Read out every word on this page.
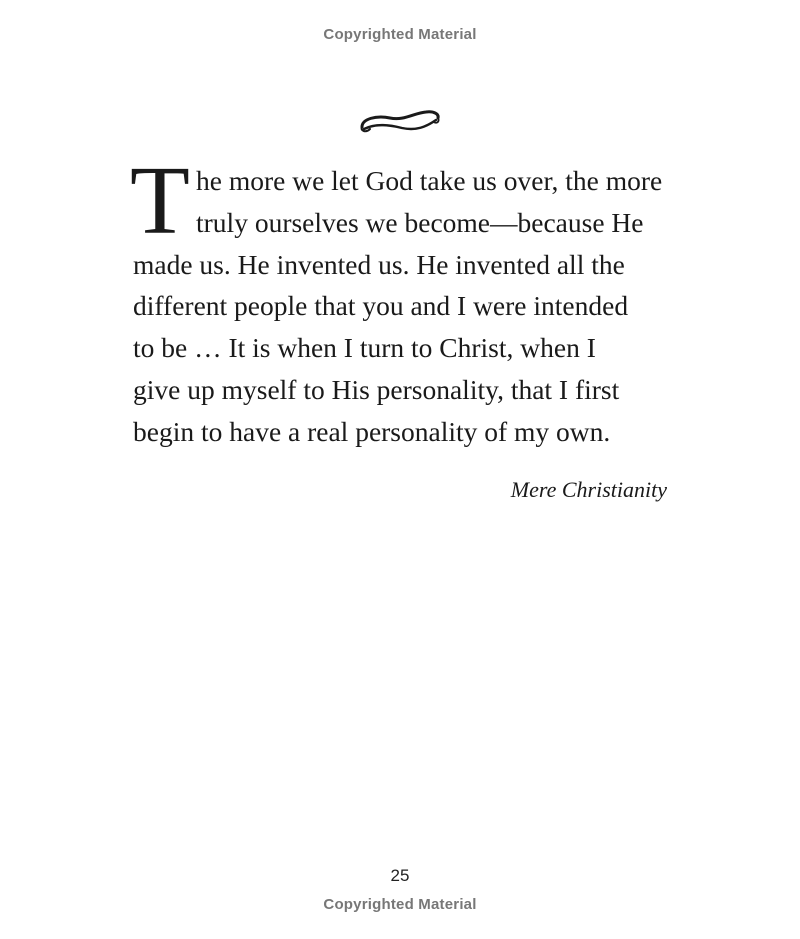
Copyrighted Material
T he more we let God take us over, the more
truly ourselves we become—because He
made us. He invented us. He invented all the
different people that you and I were intended
to be … It is when I turn to Christ, when I
give up myself to His personality, that I first
begin to have a real personality of my own.
Mere Christianity
25
Copyrighted Material
